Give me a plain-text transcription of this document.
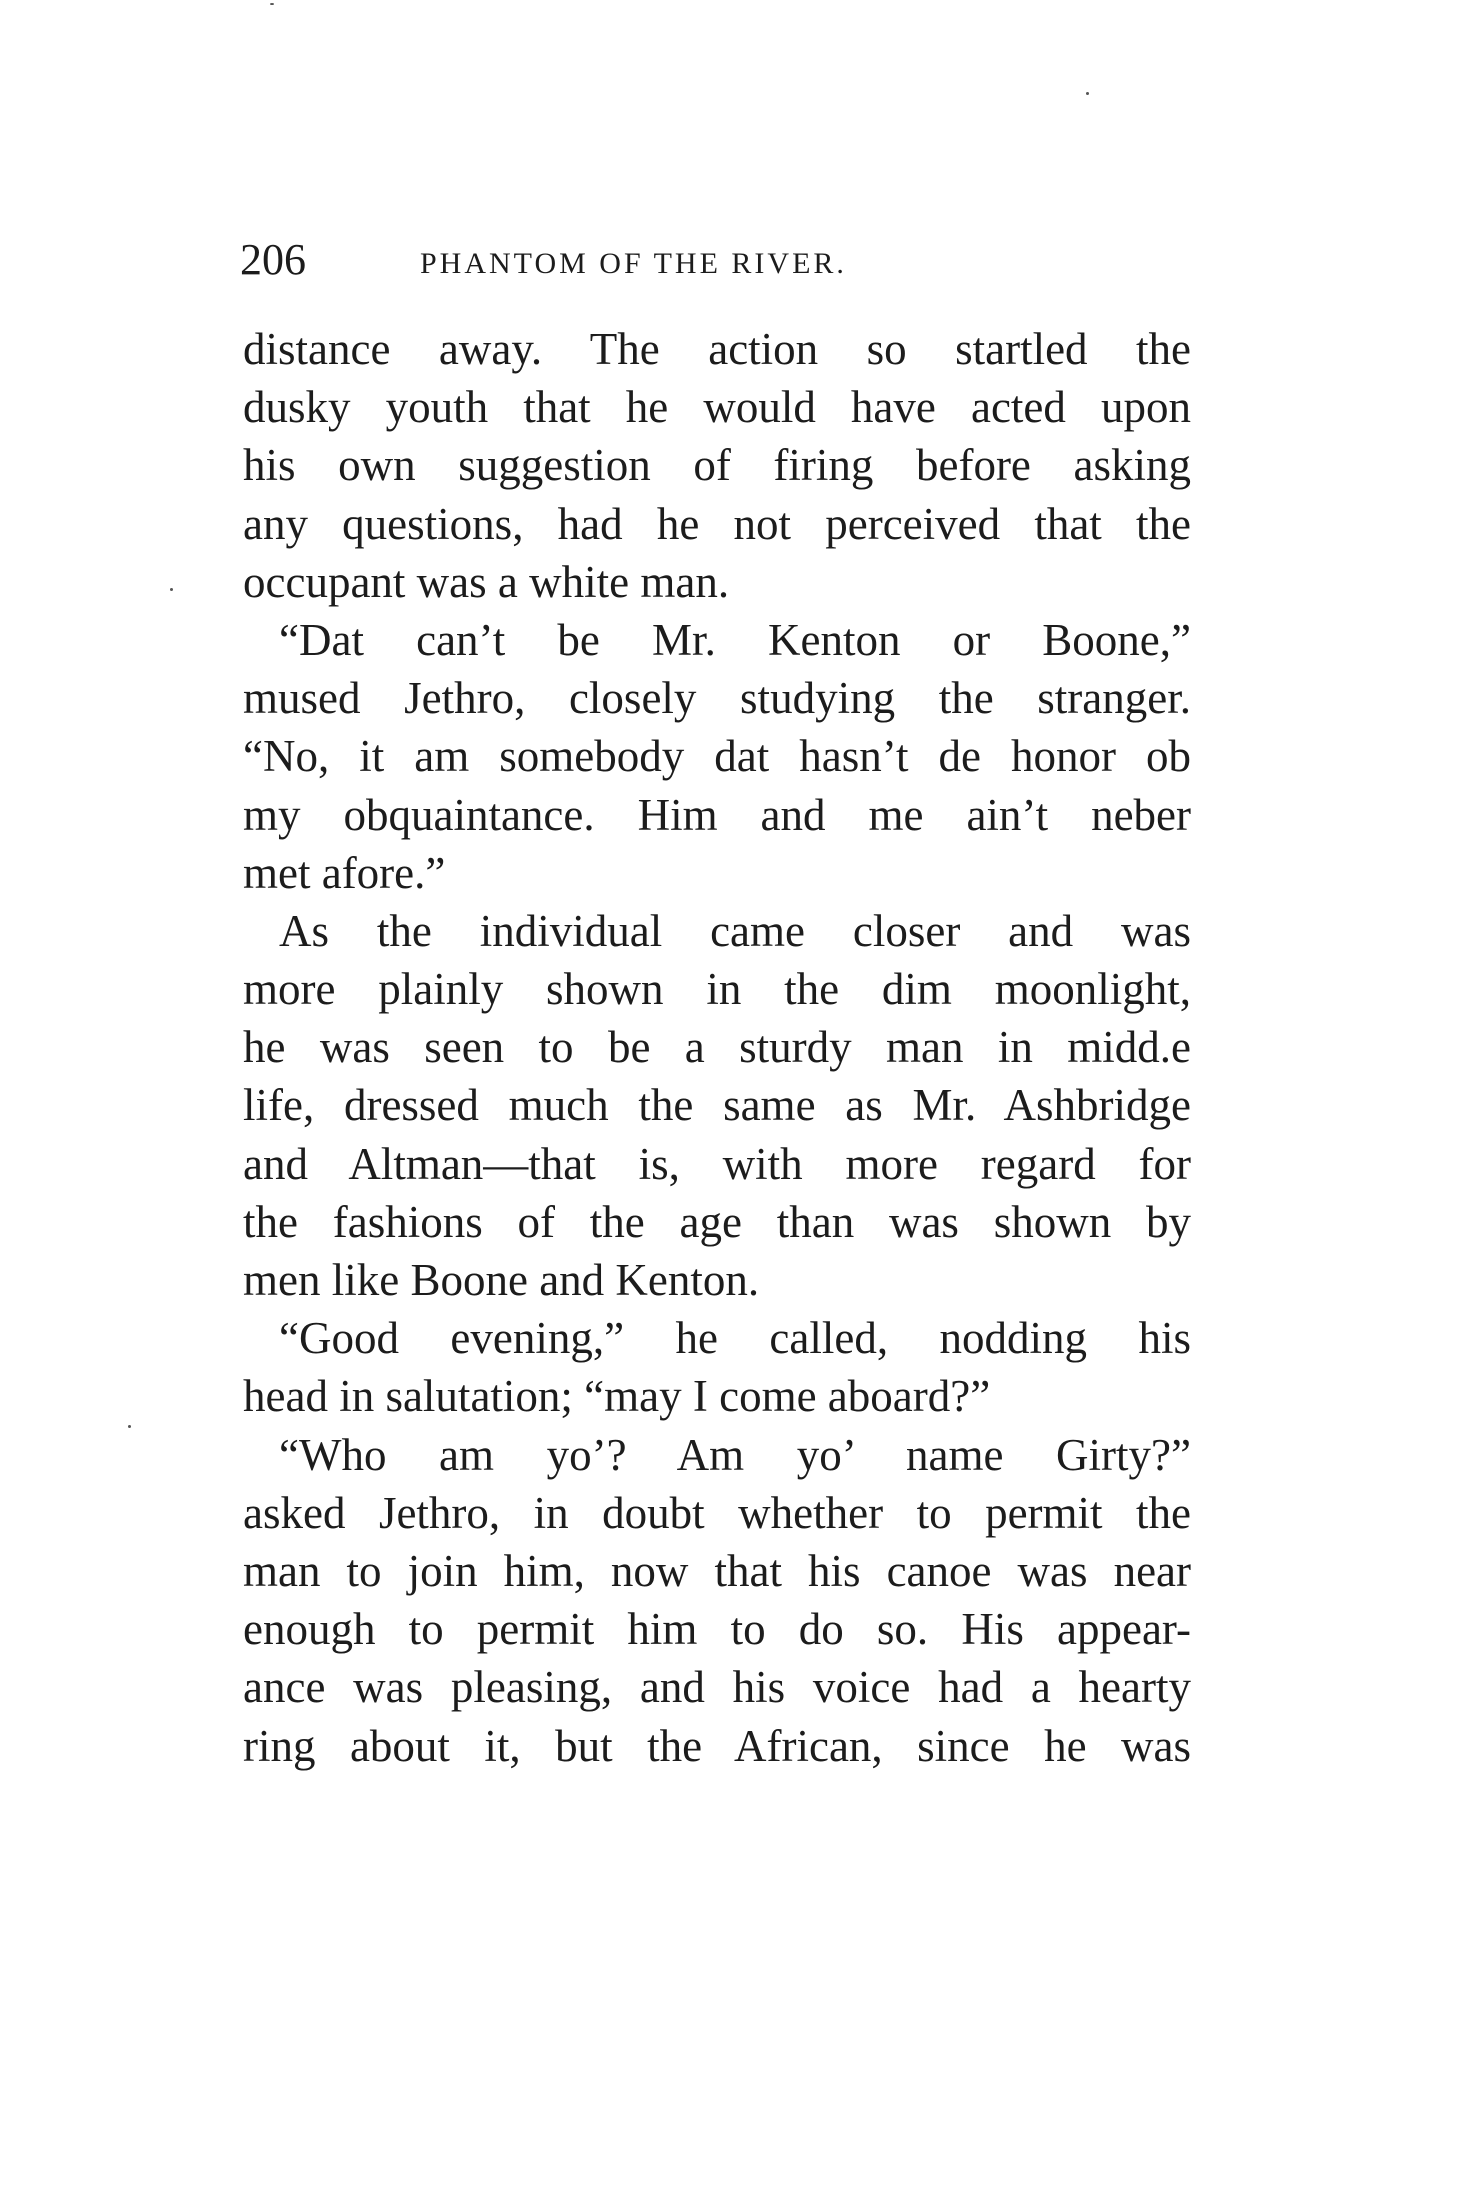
206	PHANTOM OF THE RIVER.
distance away. The action so startled the
dusky youth that he would have acted upon
his own suggestion of firing before asking
any questions, had he not perceived that the
occupant was a white man.
“Dat can’t be Mr. Kenton or Boone,”
mused Jethro, closely studying the stranger.
“No, it am somebody dat hasn’t de honor ob
my obquaintance. Him and me ain’t neber
met afore.”
As the individual came closer and was
more plainly shown in the dim moonlight,
he was seen to be a sturdy man in midd.e
life, dressed much the same as Mr. Ashbridge
and Altman—that is, with more regard for
the fashions of the age than was shown by
men like Boone and Kenton.
“Good evening,” he called, nodding his
head in salutation; “may I come aboard?”
“Who am yo’? Am yo’ name Girty?”
asked Jethro, in doubt whether to permit the
man to join him, now that his canoe was near
enough to permit him to do so. His appear-
ance was pleasing, and his voice had a hearty
ring about it, but the African, since he was
